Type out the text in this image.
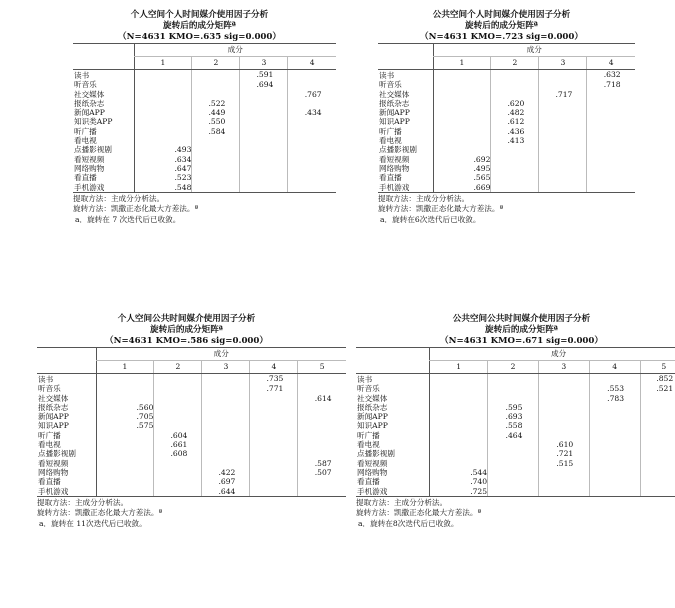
个人空间个人时间媒介使用因子分析
旋转后的成分矩阵ª
（N=4631 KMO=.635 sig=0.000）
	成分			
	1	2	3	4
读书			.591	
听音乐			.694	
社交媒体				.767
报纸杂志		.522		
新闻APP		.449		.434
知识类APP		.550		
听广播		.584		
看电视				
点播影视剧	.493			
看短视频	.634			
网络购物	.647			
看直播	.523			
手机游戏	.548			
提取方法：主成分分析法。
旋转方法：凯撒正态化最大方差法。ª
a．旋转在 7 次迭代后已收敛。
公共空间个人时间媒介使用因子分析
旋转后的成分矩阵ª
（N=4631 KMO=.723 sig=0.000）
	成分			
	1	2	3	4
读书				.632
听音乐				.718
社交媒体			.717	
报纸杂志		.620		
新闻APP		.482		
知识APP		.612		
听广播		.436		
看电视		.413		
点播影视剧				
看短视频	.692			
网络购物	.495			
看直播	.565			
手机游戏	.669			
提取方法：主成分分析法。
旋转方法：凯撒正态化最大方差法。ª
a．旋转在6次迭代后已收敛。
个人空间公共时间媒介使用因子分析
旋转后的成分矩阵ª
（N=4631 KMO=.586 sig=0.000）
	成分				
	1	2	3	4	5
读书				.735	
听音乐				.771	
社交媒体					.614
报纸杂志	.560				
新闻APP	.705				
知识APP	.575				
听广播		.604			
看电视		.661			
点播影视剧		.608			
看短视频					.587
网络购物			.422		.507
看直播			.697		
手机游戏			.644		
提取方法：主成分分析法。
旋转方法：凯撒正态化最大方差法。ª
a．旋转在 11次迭代后已收敛。
公共空间公共时间媒介使用因子分析
旋转后的成分矩阵ª
（N=4631 KMO=.671 sig=0.000）
	成分				
	1	2	3	4	5
读书					.852
听音乐				.553	.521
社交媒体				.783	
报纸杂志		.595			
新闻APP		.693			
知识APP		.558			
听广播		.464			
看电视			.610		
点播影视剧			.721		
看短视频			.515		
网络购物	.544				
看直播	.740				
手机游戏	.725				
提取方法：主成分分析法。
旋转方法：凯撒正态化最大方差法。ª
a．旋转在8次迭代后已收敛。
